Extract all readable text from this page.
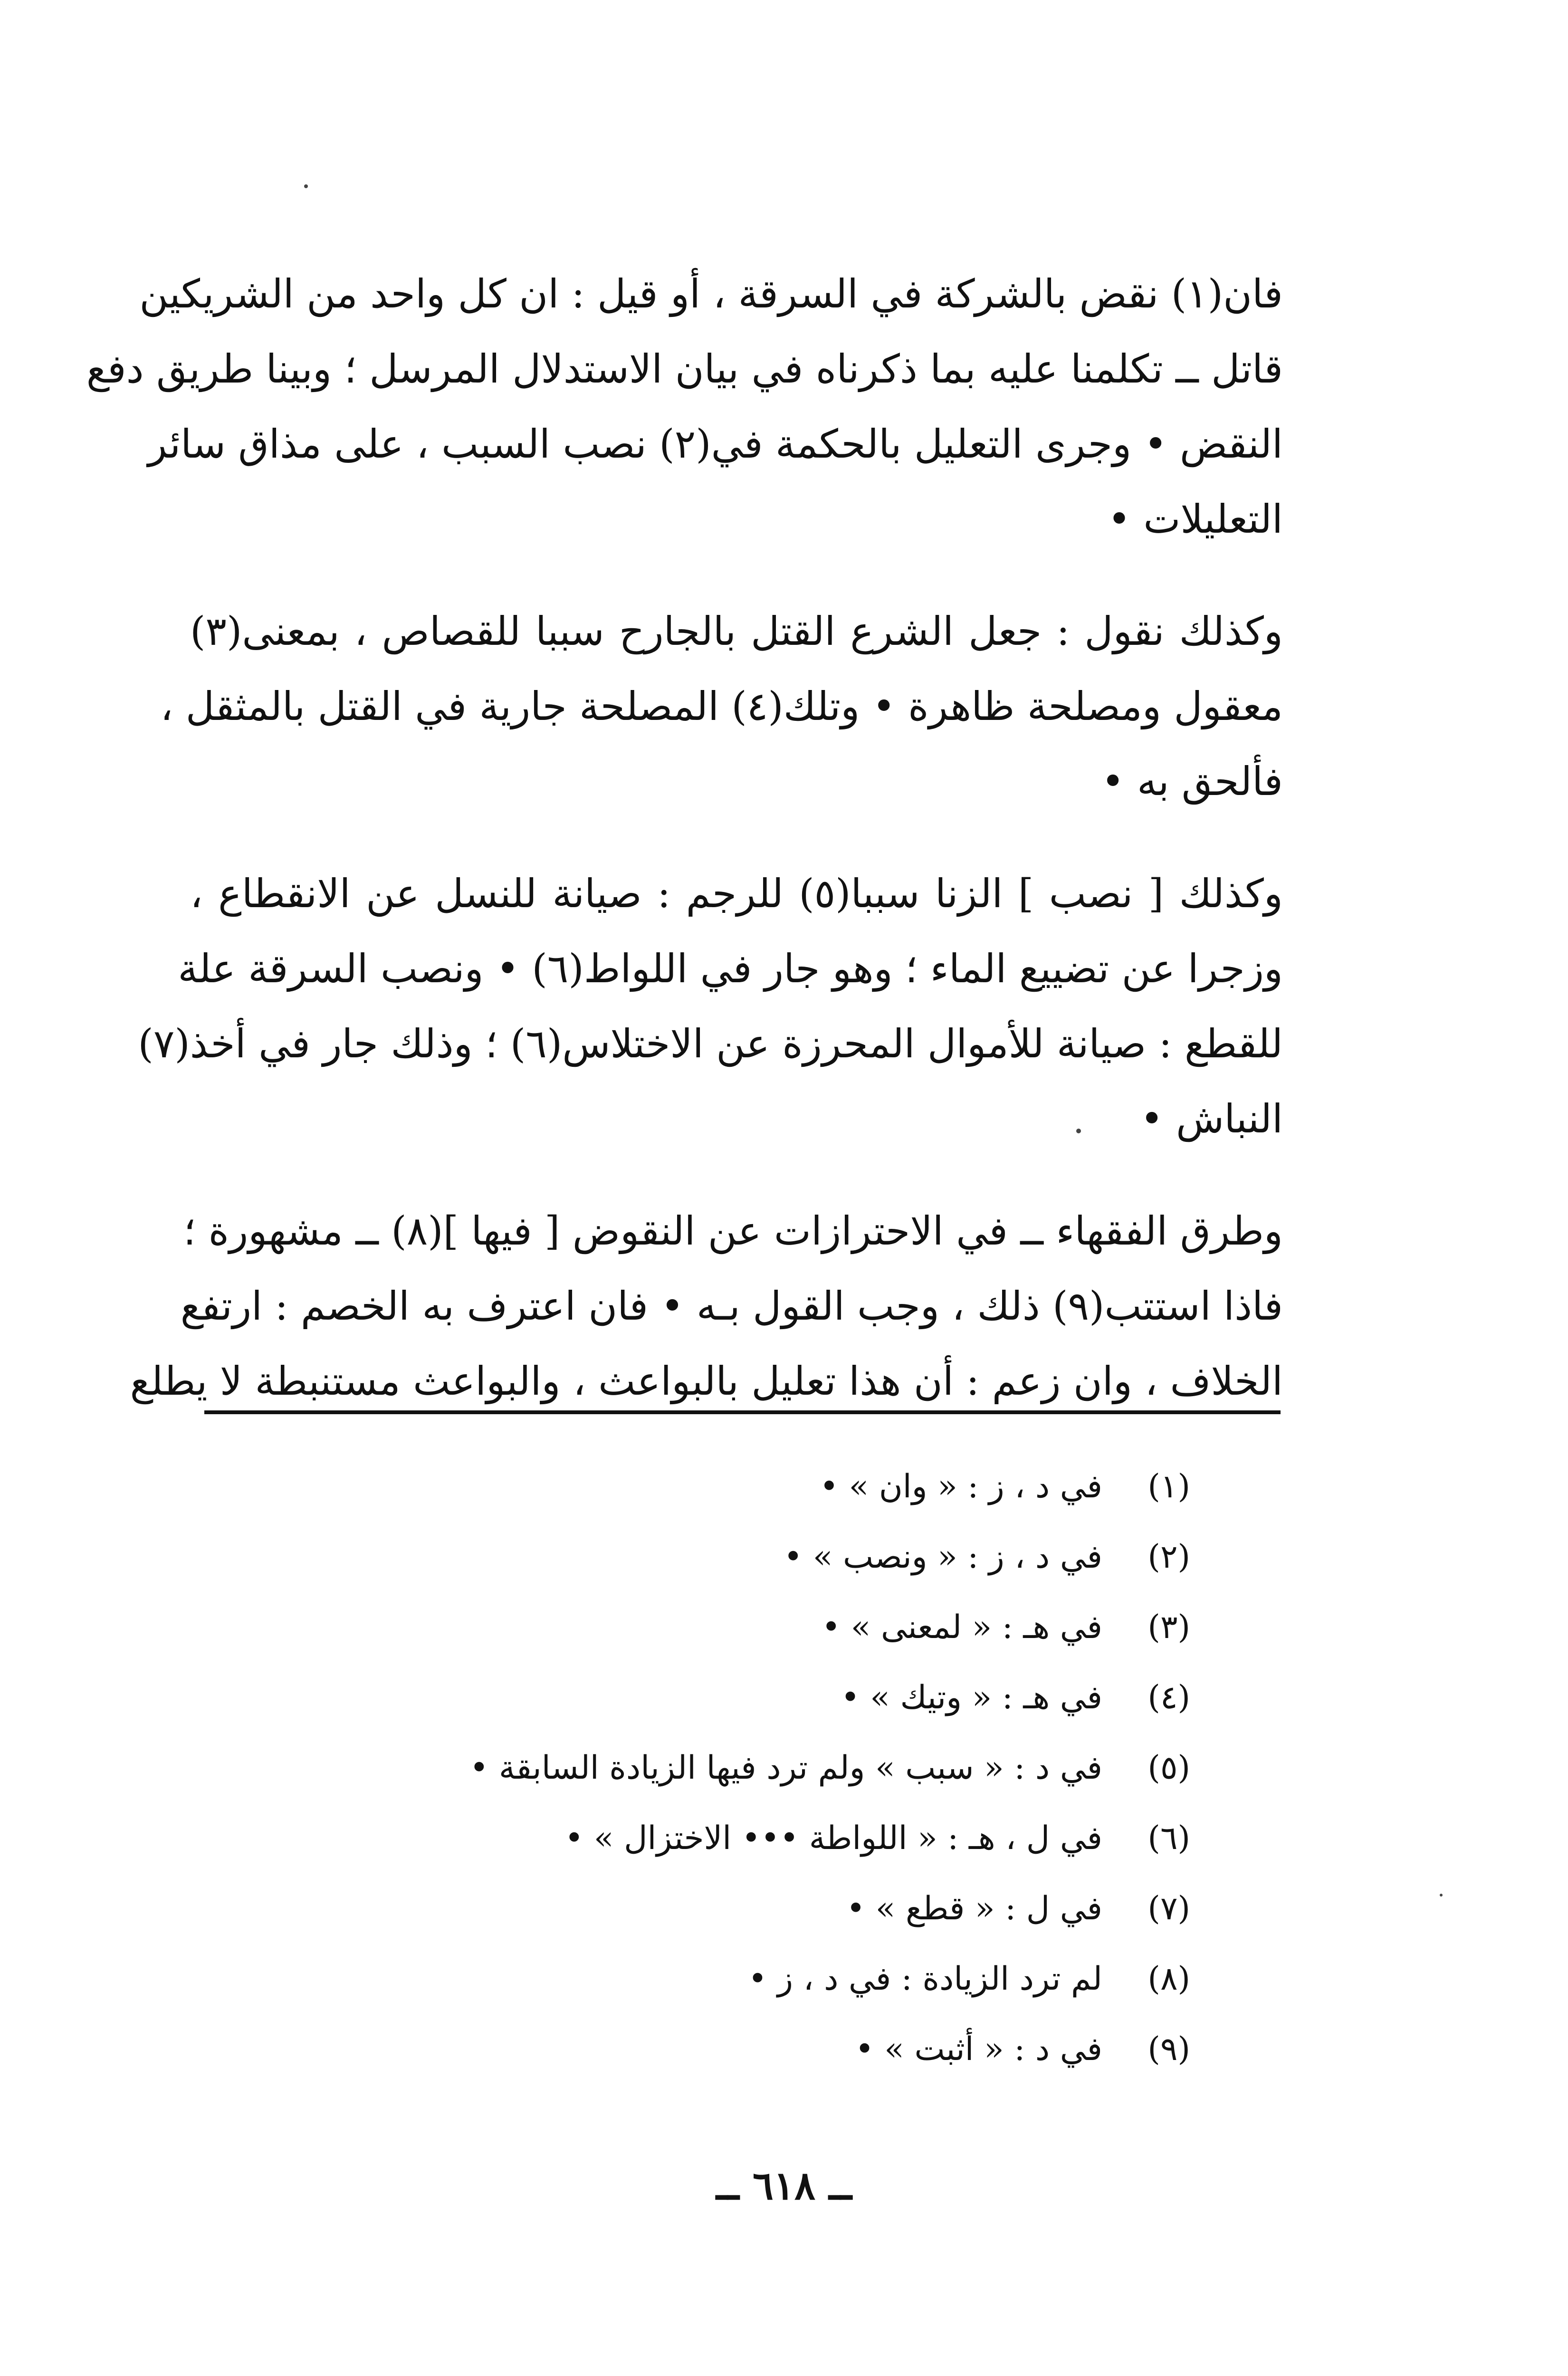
فان(١) نقض بالشركة في السرقة ، أو قيل : ان كل واحد من الشريكين
قاتل ــ تكلمنا عليه بما ذكرناه في بيان الاستدلال المرسل ؛ وبينا طريق دفع
النقض • وجرى التعليل بالحكمة في(٢) نصب السبب ، على مذاق سائر
التعليلات •
وكذلك نقول : جعل الشرع القتل بالجارح سببا للقصاص ، بمعنى(٣)
معقول ومصلحة ظاهرة • وتلك(٤) المصلحة جارية في القتل بالمثقل ،
فألحق به •
وكذلك [ نصب ] الزنا سببا(٥) للرجم : صيانة للنسل عن الانقطاع ،
وزجرا عن تضييع الماء ؛ وهو جار في اللواط(٦) • ونصب السرقة علة
للقطع : صيانة للأموال المحرزة عن الاختلاس(٦) ؛ وذلك جار في أخذ(٧)
النباش •
وطرق الفقهاء ــ في الاحترازات عن النقوض [ فيها ](٨) ــ مشهورة ؛
فاذا استتب(٩) ذلك ، وجب القول بـه • فان اعترف به الخصم : ارتفع
الخلاف ، وان زعم : أن هذا تعليل بالبواعث ، والبواعث مستنبطة لا يطلع
(١)
في د ، ز : « وان » •
(٢)
في د ، ز : « ونصب » •
(٣)
في هـ : « لمعنى » •
(٤)
في هـ : « وتيك » •
(٥)
في د : « سبب » ولم ترد فيها الزيادة السابقة •
(٦)
في ل ، هـ : « اللواطة ••• الاختزال » •
(٧)
في ل : « قطع » •
(٨)
لم ترد الزيادة : في د ، ز •
(٩)
في د : « أثبت » •
ــ ٦١٨ ــ
